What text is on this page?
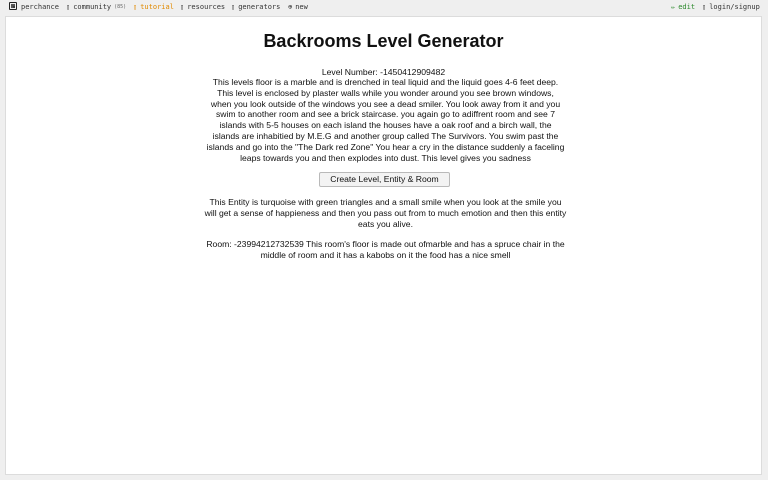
perchance ▯ community (85) ▯ tutorial ▯ resources ▯ generators ⊕ new	✏ edit ▯ login/signup
Backrooms Level Generator
Level Number: -1450412909482
This levels floor is a marble and is drenched in teal liquid and the liquid goes 4-6 feet deep.
This level is enclosed by plaster walls while you wonder around you see brown windows,
when you look outside of the windows you see a dead smiler. You look away from it and you
swim to another room and see a brick staircase. you again go to adiffrent room and see 7
islands with 5-5 houses on each island the houses have a oak roof and a birch wall, the
islands are inhabitied by M.E.G and another group called The Survivors. You swim past the
islands and go into the "The Dark red Zone" You hear a cry in the distance suddenly a faceling
leaps towards you and then explodes into dust. This level gives you sadness
Create Level, Entity & Room
This Entity is turquoise with green triangles and a small smile when you look at the smile you
will get a sense of happieness and then you pass out from to much emotion and then this entity
eats you alive.
Room: -23994212732539 This room's floor is made out ofmarble and has a spruce chair in the
middle of room and it has a kabobs on it the food has a nice smell
